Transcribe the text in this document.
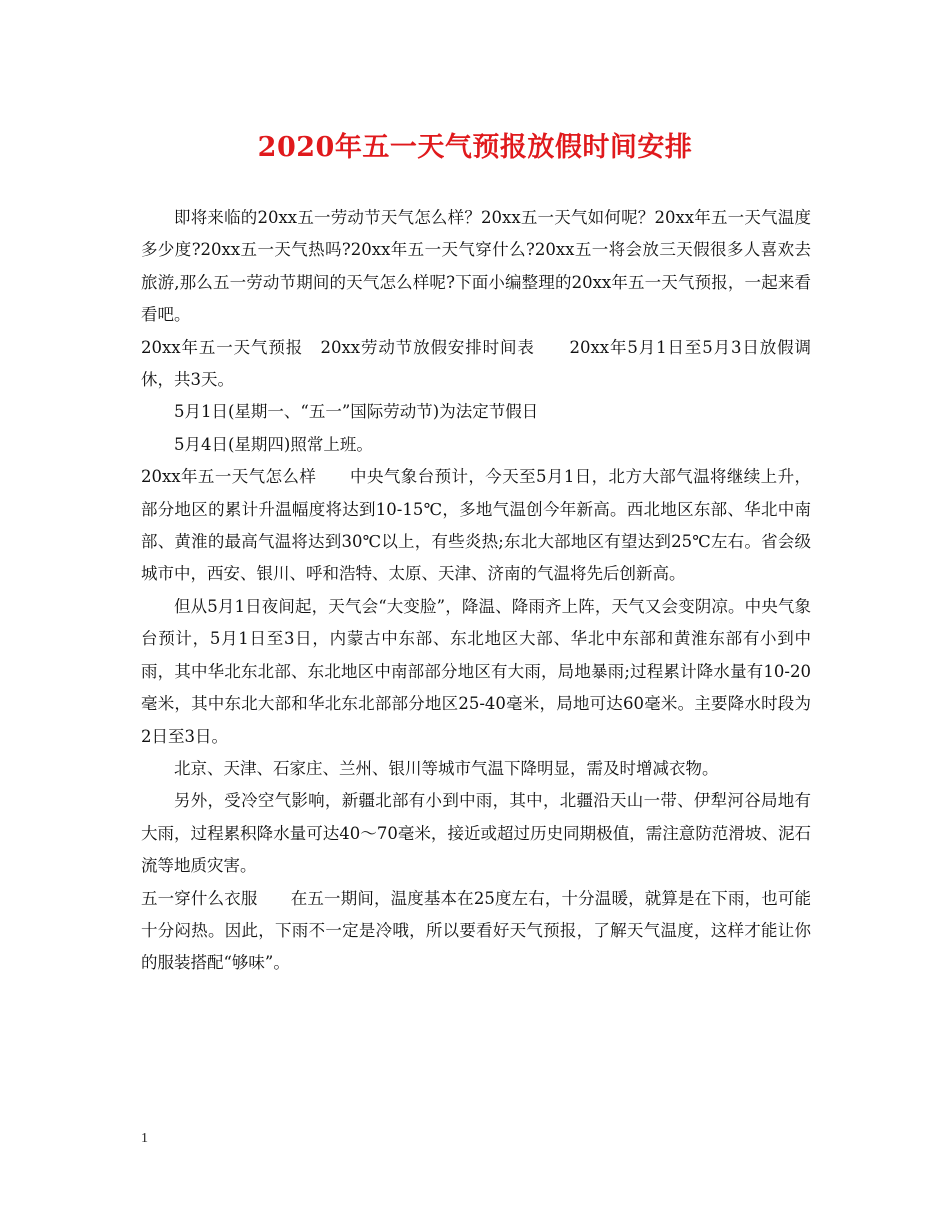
2020年五一天气预报放假时间安排

即将来临的20xx五一劳动节天气怎么样？20xx五一天气如何呢？20xx年五一天气温度多少度?20xx五一天气热吗?20xx年五一天气穿什么?20xx五一将会放三天假很多人喜欢去旅游,那么五一劳动节期间的天气怎么样呢?下面小编整理的20xx年五一天气预报，一起来看看吧。

20xx年五一天气预报　20xx劳动节放假安排时间表　　20xx年5月1日至5月3日放假调休，共3天。

5月1日(星期一、“五一”国际劳动节)为法定节假日

5月4日(星期四)照常上班。

20xx年五一天气怎么样　　中央气象台预计，今天至5月1日，北方大部气温将继续上升，部分地区的累计升温幅度将达到10-15℃，多地气温创今年新高。西北地区东部、华北中南部、黄淮的最高气温将达到30℃以上，有些炎热;东北大部地区有望达到25℃左右。省会级城市中，西安、银川、呼和浩特、太原、天津、济南的气温将先后创新高。

但从5月1日夜间起，天气会“大变脸”，降温、降雨齐上阵，天气又会变阴凉。中央气象台预计，5月1日至3日，内蒙古中东部、东北地区大部、华北中东部和黄淮东部有小到中雨，其中华北东北部、东北地区中南部部分地区有大雨，局地暴雨;过程累计降水量有10-20毫米，其中东北大部和华北东北部部分地区25-40毫米，局地可达60毫米。主要降水时段为2日至3日。

北京、天津、石家庄、兰州、银川等城市气温下降明显，需及时增减衣物。

另外，受冷空气影响，新疆北部有小到中雨，其中，北疆沿天山一带、伊犁河谷局地有大雨，过程累积降水量可达40～70毫米，接近或超过历史同期极值，需注意防范滑坡、泥石流等地质灾害。

五一穿什么衣服　　在五一期间，温度基本在25度左右，十分温暖，就算是在下雨，也可能十分闷热。因此，下雨不一定是冷哦，所以要看好天气预报，了解天气温度，这样才能让你的服装搭配“够味”。

1
